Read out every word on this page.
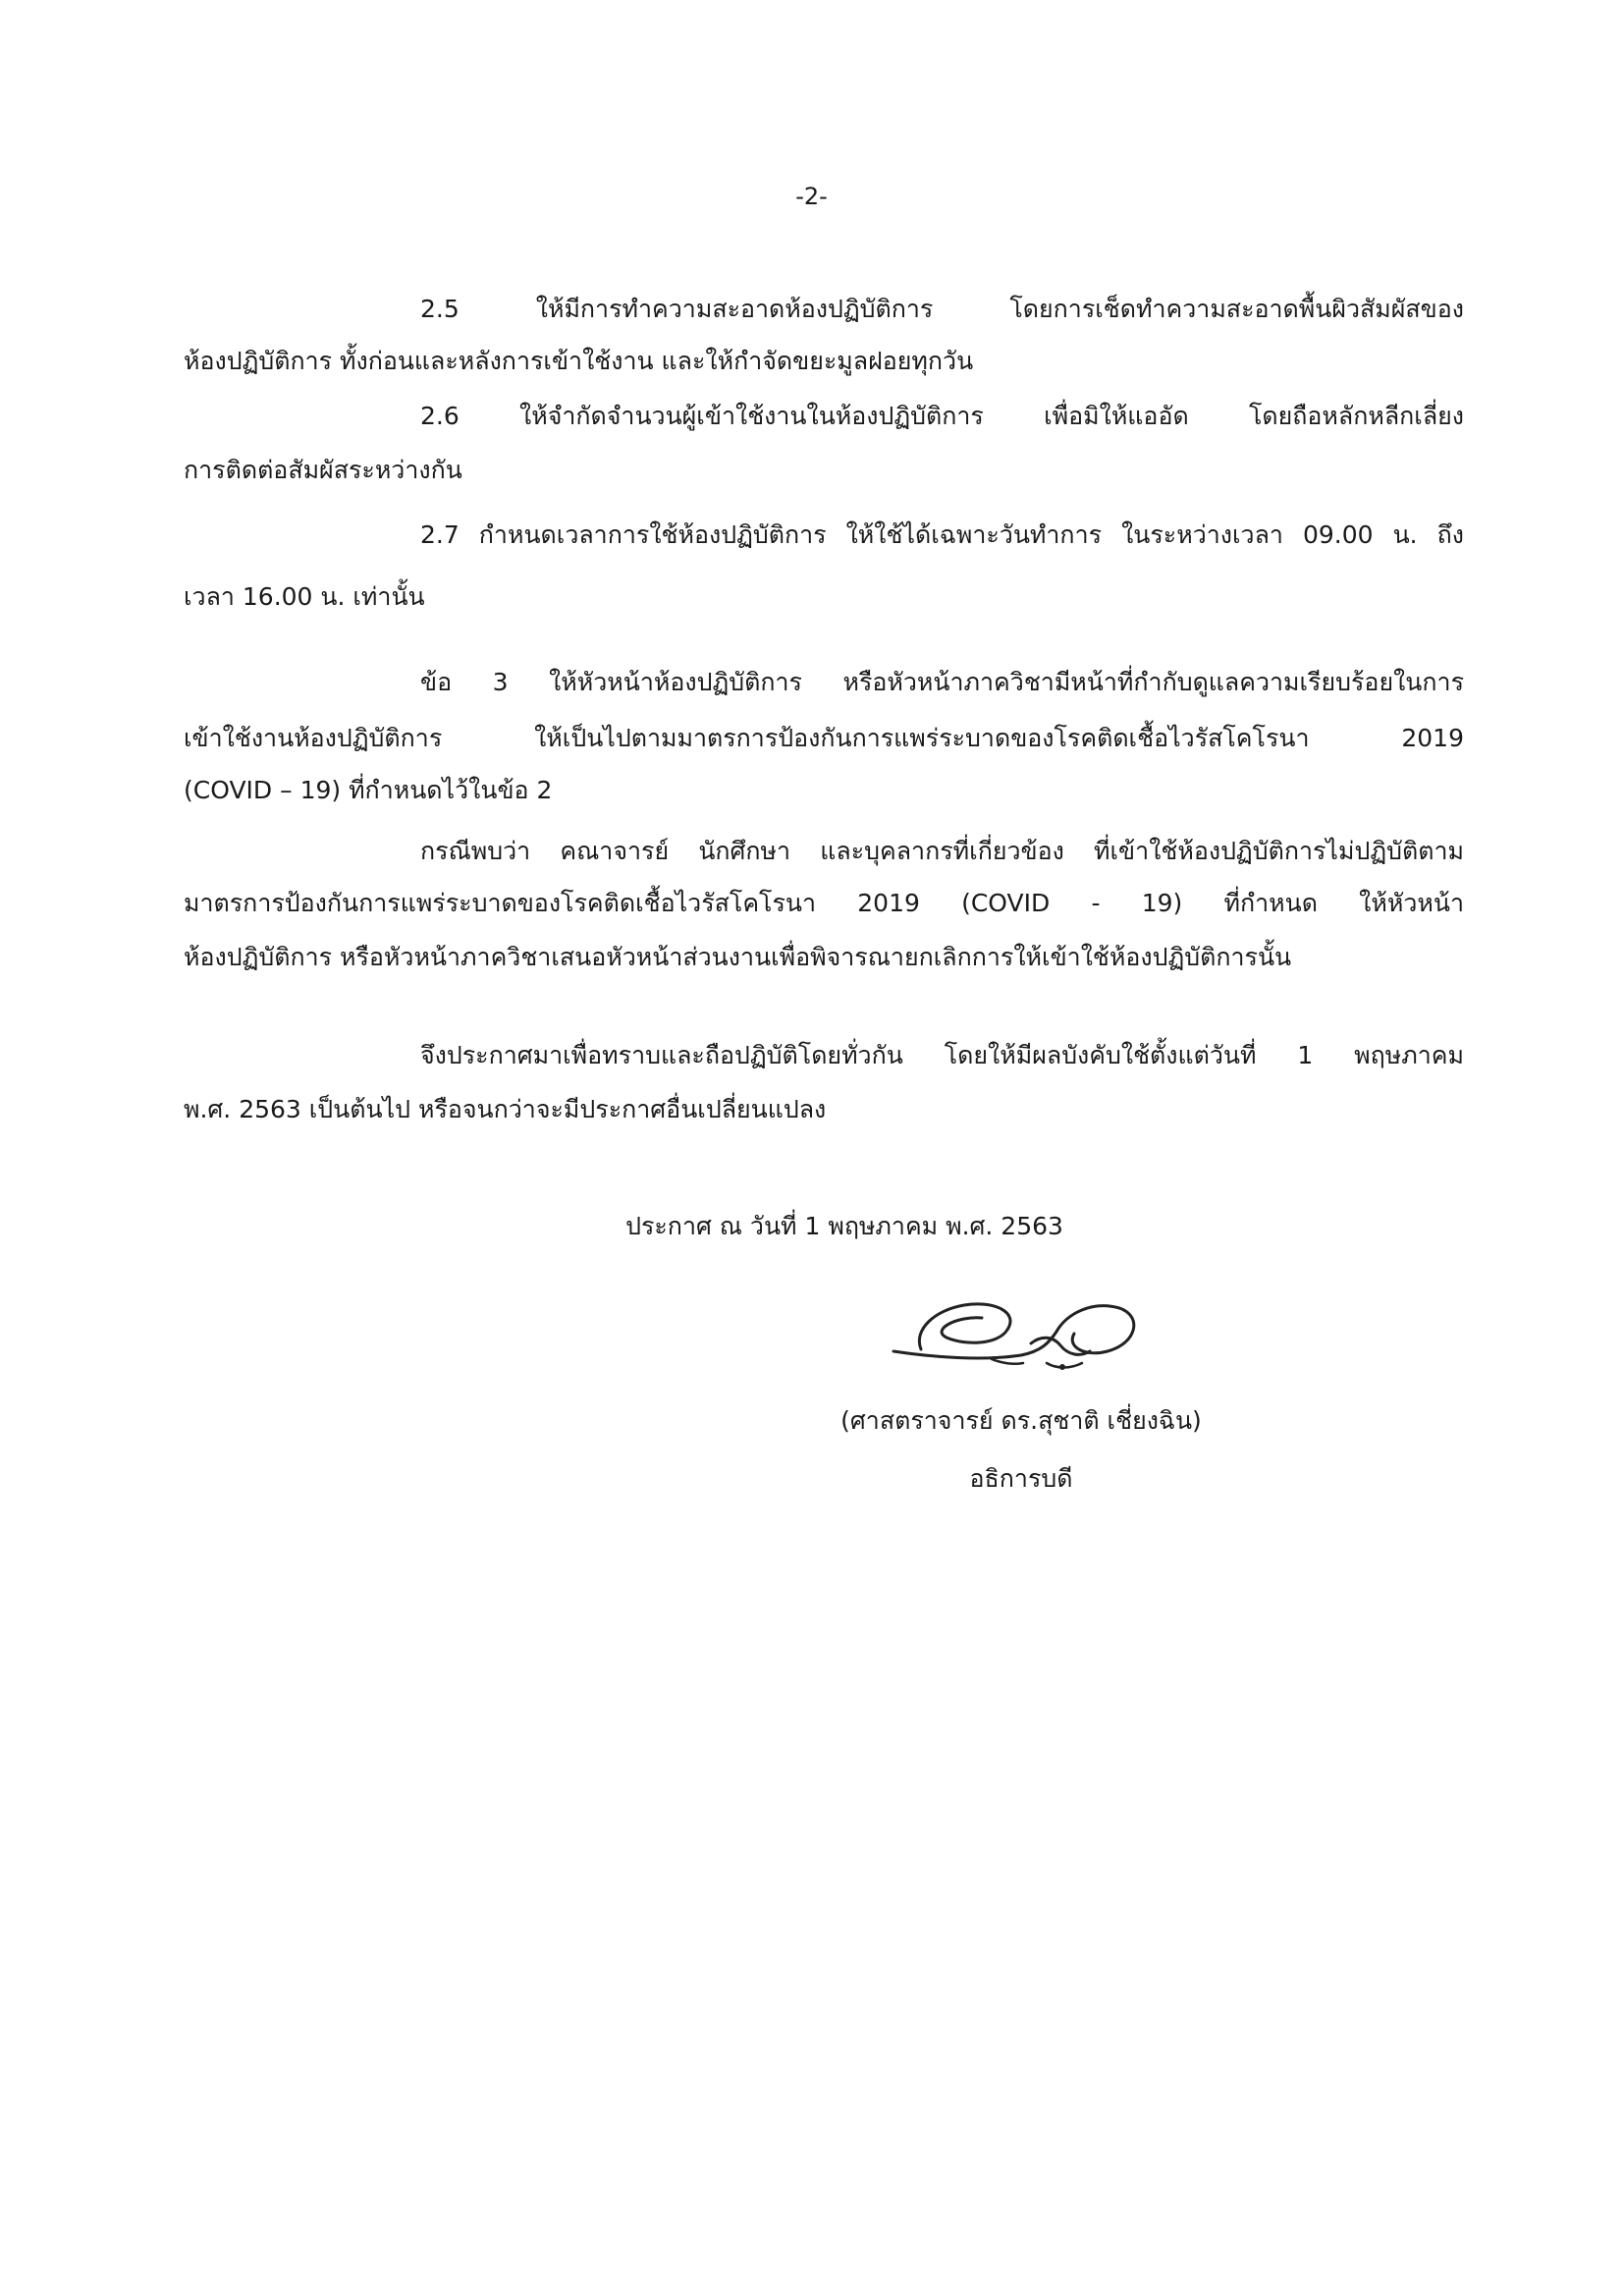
-2-
2.5 ให้มีการทำความสะอาดห้องปฏิบัติการ โดยการเช็ดทำความสะอาดพื้นผิวสัมผัสของ
ห้องปฏิบัติการ ทั้งก่อนและหลังการเข้าใช้งาน และให้กำจัดขยะมูลฝอยทุกวัน
2.6 ให้จำกัดจำนวนผู้เข้าใช้งานในห้องปฏิบัติการ เพื่อมิให้แออัด โดยถือหลักหลีกเลี่ยง
การติดต่อสัมผัสระหว่างกัน
2.7 กำหนดเวลาการใช้ห้องปฏิบัติการ ให้ใช้ได้เฉพาะวันทำการ ในระหว่างเวลา 09.00 น. ถึง
เวลา 16.00 น. เท่านั้น
ข้อ 3 ให้หัวหน้าห้องปฏิบัติการ หรือหัวหน้าภาควิชามีหน้าที่กำกับดูแลความเรียบร้อยในการ
เข้าใช้งานห้องปฏิบัติการ ให้เป็นไปตามมาตรการป้องกันการแพร่ระบาดของโรคติดเชื้อไวรัสโคโรนา 2019
(COVID – 19) ที่กำหนดไว้ในข้อ 2
กรณีพบว่า คณาจารย์ นักศึกษา และบุคลากรที่เกี่ยวข้อง ที่เข้าใช้ห้องปฏิบัติการไม่ปฏิบัติตาม
มาตรการป้องกันการแพร่ระบาดของโรคติดเชื้อไวรัสโคโรนา 2019 (COVID - 19) ที่กำหนด ให้หัวหน้า
ห้องปฏิบัติการ หรือหัวหน้าภาควิชาเสนอหัวหน้าส่วนงานเพื่อพิจารณายกเลิกการให้เข้าใช้ห้องปฏิบัติการนั้น
จึงประกาศมาเพื่อทราบและถือปฏิบัติโดยทั่วกัน โดยให้มีผลบังคับใช้ตั้งแต่วันที่ 1 พฤษภาคม
พ.ศ. 2563 เป็นต้นไป หรือจนกว่าจะมีประกาศอื่นเปลี่ยนแปลง
ประกาศ ณ วันที่ 1 พฤษภาคม พ.ศ. 2563
(ศาสตราจารย์ ดร.สุชาติ เชี่ยงฉิน)
อธิการบดี
